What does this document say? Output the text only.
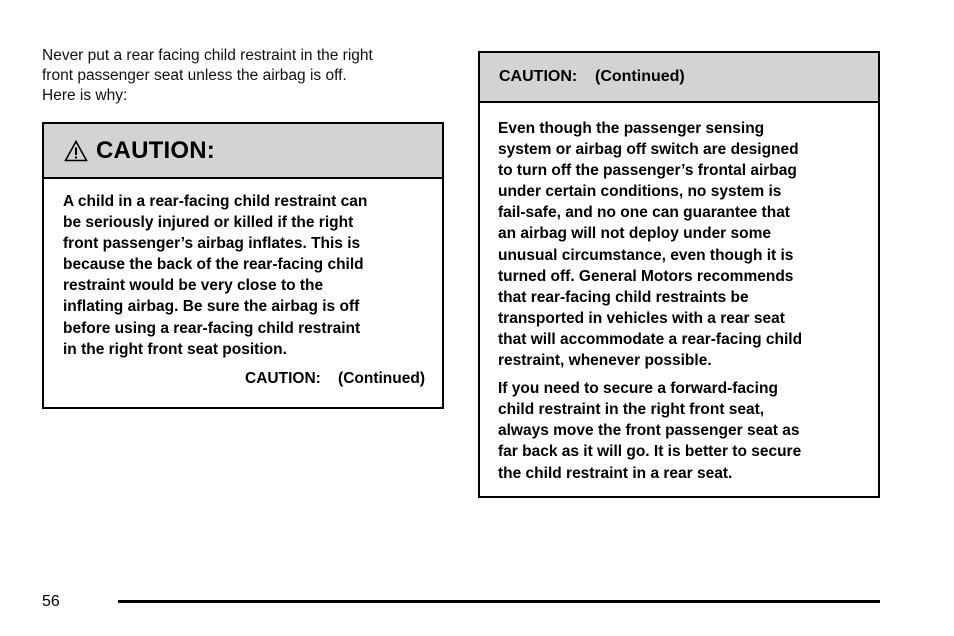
Never put a rear facing child restraint in the right
front passenger seat unless the airbag is off.
Here is why:
CAUTION:
A child in a rear-facing child restraint can
be seriously injured or killed if the right
front passenger’s airbag inflates. This is
because the back of the rear-facing child
restraint would be very close to the
inflating airbag. Be sure the airbag is off
before using a rear-facing child restraint
in the right front seat position.
CAUTION:    (Continued)
CAUTION:    (Continued)
Even though the passenger sensing
system or airbag off switch are designed
to turn off the passenger’s frontal airbag
under certain conditions, no system is
fail-safe, and no one can guarantee that
an airbag will not deploy under some
unusual circumstance, even though it is
turned off. General Motors recommends
that rear-facing child restraints be
transported in vehicles with a rear seat
that will accommodate a rear-facing child
restraint, whenever possible.
If you need to secure a forward-facing
child restraint in the right front seat,
always move the front passenger seat as
far back as it will go. It is better to secure
the child restraint in a rear seat.
56
